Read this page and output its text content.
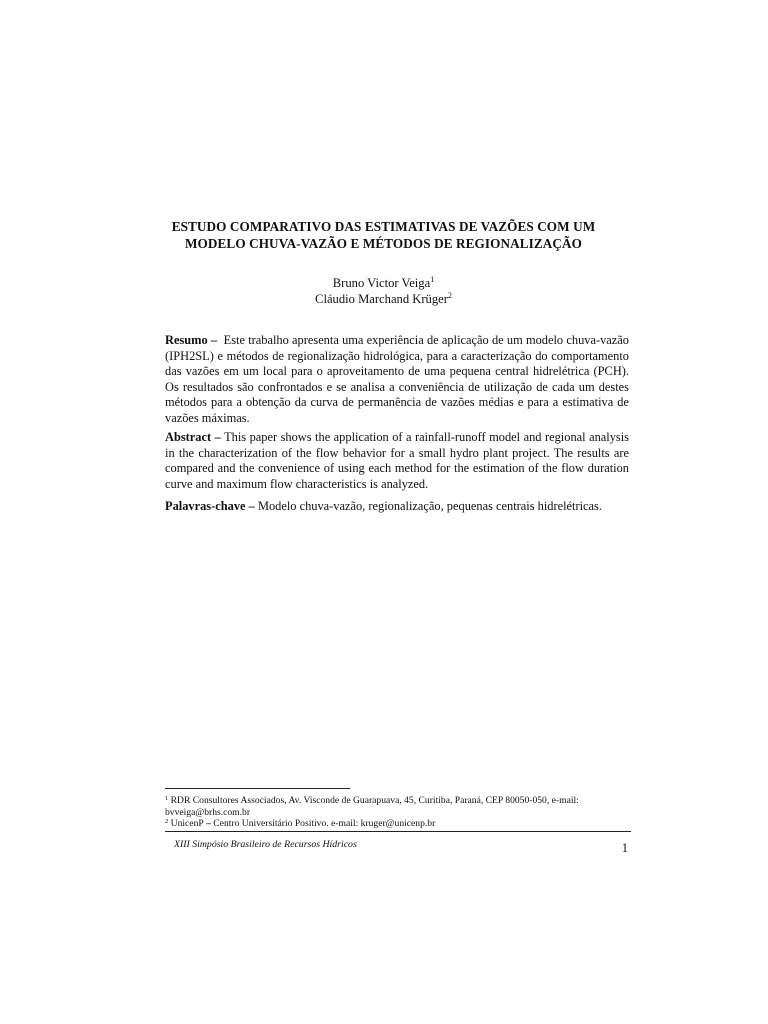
ESTUDO COMPARATIVO DAS ESTIMATIVAS DE VAZÕES COM UM
MODELO CHUVA-VAZÃO E MÉTODOS DE REGIONALIZAÇÃO
Bruno Victor Veiga$^1$
Cláudio Marchand Krüger$^2$
Resumo – Este trabalho apresenta uma experiência de aplicação de um modelo chuva-vazão (IPH2SL) e métodos de regionalização hidrológica, para a caracterização do comportamento das vazões em um local para o aproveitamento de uma pequena central hidrelétrica (PCH). Os resultados são confrontados e se analisa a conveniência de utilização de cada um destes métodos para a obtenção da curva de permanência de vazões médias e para a estimativa de vazões máximas.
Abstract – This paper shows the application of a rainfall-runoff model and regional analysis in the characterization of the flow behavior for a small hydro plant project. The results are compared and the convenience of using each method for the estimation of the flow duration curve and maximum flow characteristics is analyzed.
Palavras-chave – Modelo chuva-vazão, regionalização, pequenas centrais hidrelétricas.
$^1$ RDR Consultores Associados, Av. Visconde de Guarapuava, 45, Curitiba, Paraná, CEP 80050-050, e-mail: bvveiga@brhs.com.br
$^2$ UnicenP – Centro Universitário Positivo. e-mail: kruger@unicenp.br
XIII Simpósio Brasileiro de Recursos Hídricos	1
